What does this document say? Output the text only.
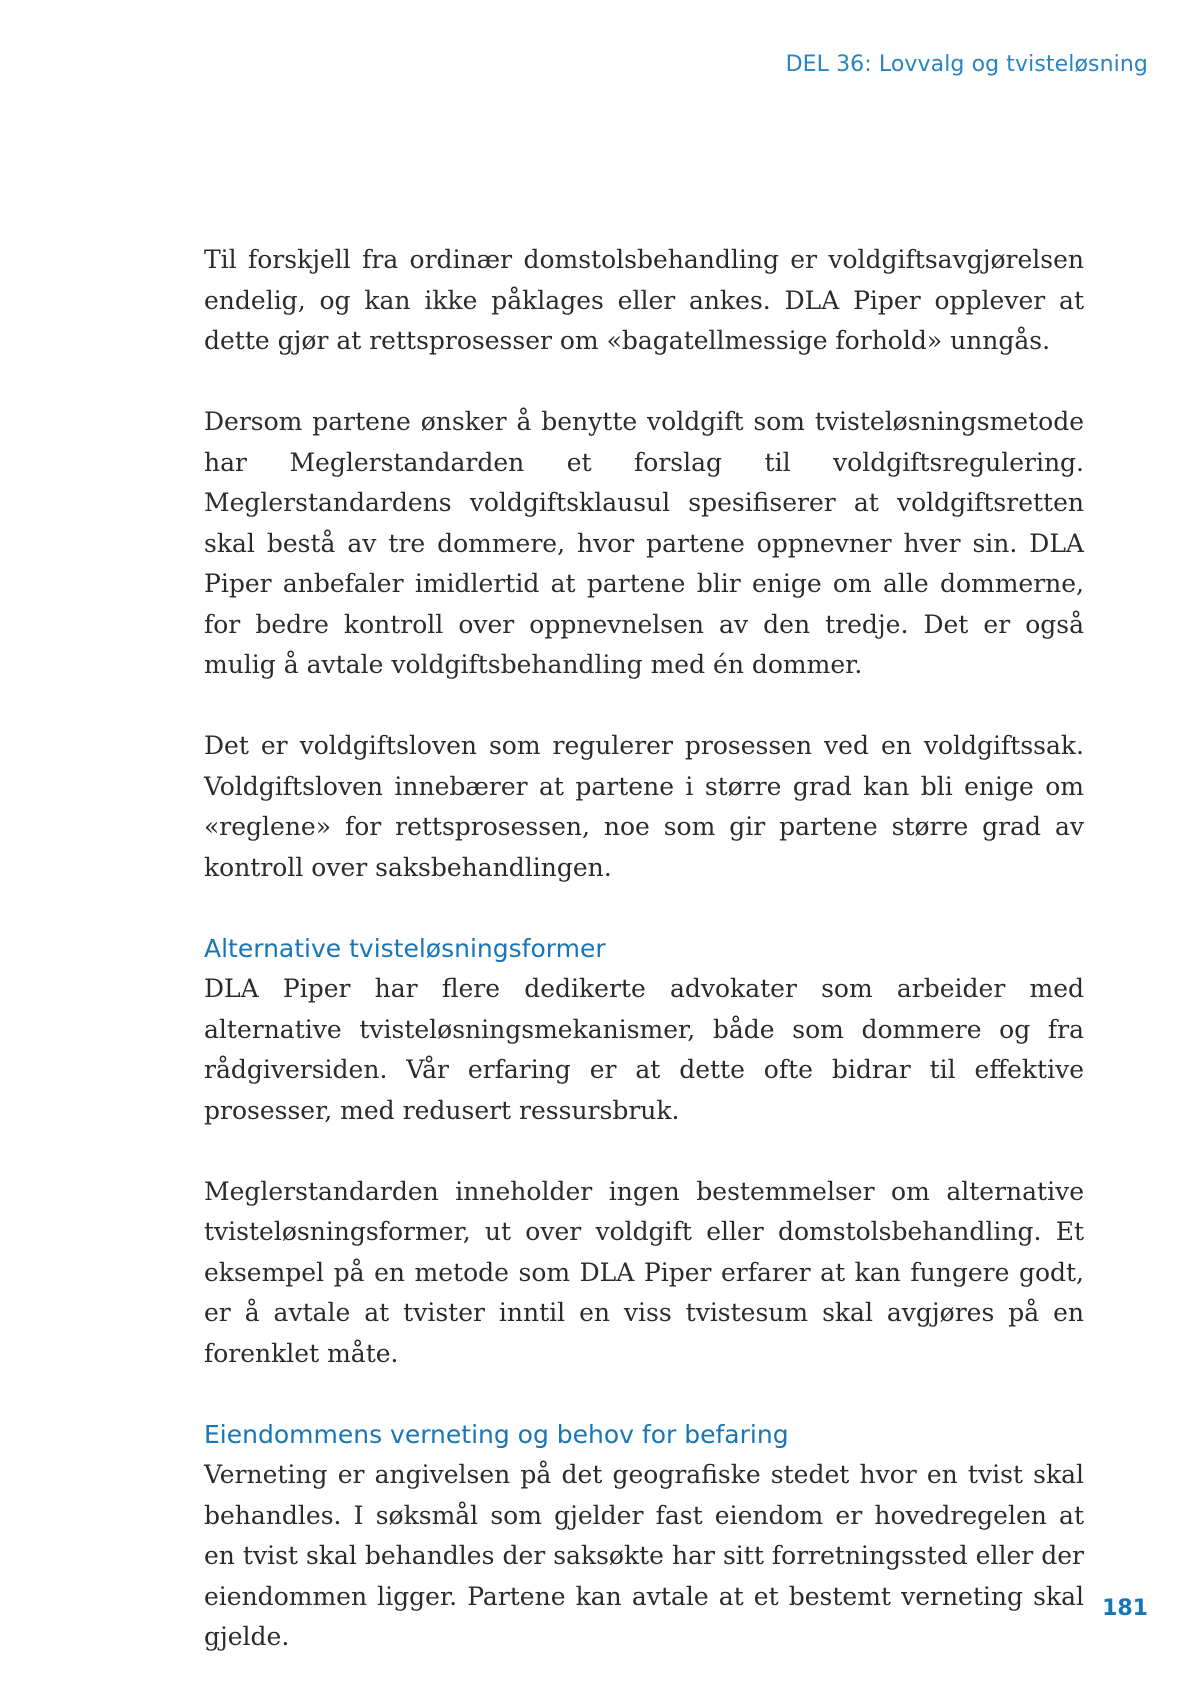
DEL 36: Lovvalg og tvisteløsning

Til forskjell fra ordinær domstolsbehandling er voldgiftsavgjørelsen endelig, og kan ikke påklages eller ankes. DLA Piper opplever at dette gjør at rettsprosesser om «bagatellmessige forhold» unngås.

Dersom partene ønsker å benytte voldgift som tvisteløsningsmetode har Meglerstandarden et forslag til voldgiftsregulering. Meglerstandardens voldgiftsklausul spesifiserer at voldgiftsretten skal bestå av tre dommere, hvor partene oppnevner hver sin. DLA Piper anbefaler imidlertid at partene blir enige om alle dommerne, for bedre kontroll over oppnevnelsen av den tredje. Det er også mulig å avtale voldgiftsbehandling med én dommer.

Det er voldgiftsloven som regulerer prosessen ved en voldgiftssak. Voldgiftsloven innebærer at partene i større grad kan bli enige om «reglene» for rettsprosessen, noe som gir partene større grad av kontroll over saksbehandlingen.

Alternative tvisteløsningsformer

DLA Piper har flere dedikerte advokater som arbeider med alternative tvisteløsningsmekanismer, både som dommere og fra rådgiversiden. Vår erfaring er at dette ofte bidrar til effektive prosesser, med redusert ressursbruk.

Meglerstandarden inneholder ingen bestemmelser om alternative tvisteløsningsformer, ut over voldgift eller domstolsbehandling. Et eksempel på en metode som DLA Piper erfarer at kan fungere godt, er å avtale at tvister inntil en viss tvistesum skal avgjøres på en forenklet måte.

Eiendommens verneting og behov for befaring

Verneting er angivelsen på det geografiske stedet hvor en tvist skal behandles. I søksmål som gjelder fast eiendom er hovedregelen at en tvist skal behandles der saksøkte har sitt forretningssted eller der eiendommen ligger. Partene kan avtale at et bestemt verneting skal gjelde.

181
